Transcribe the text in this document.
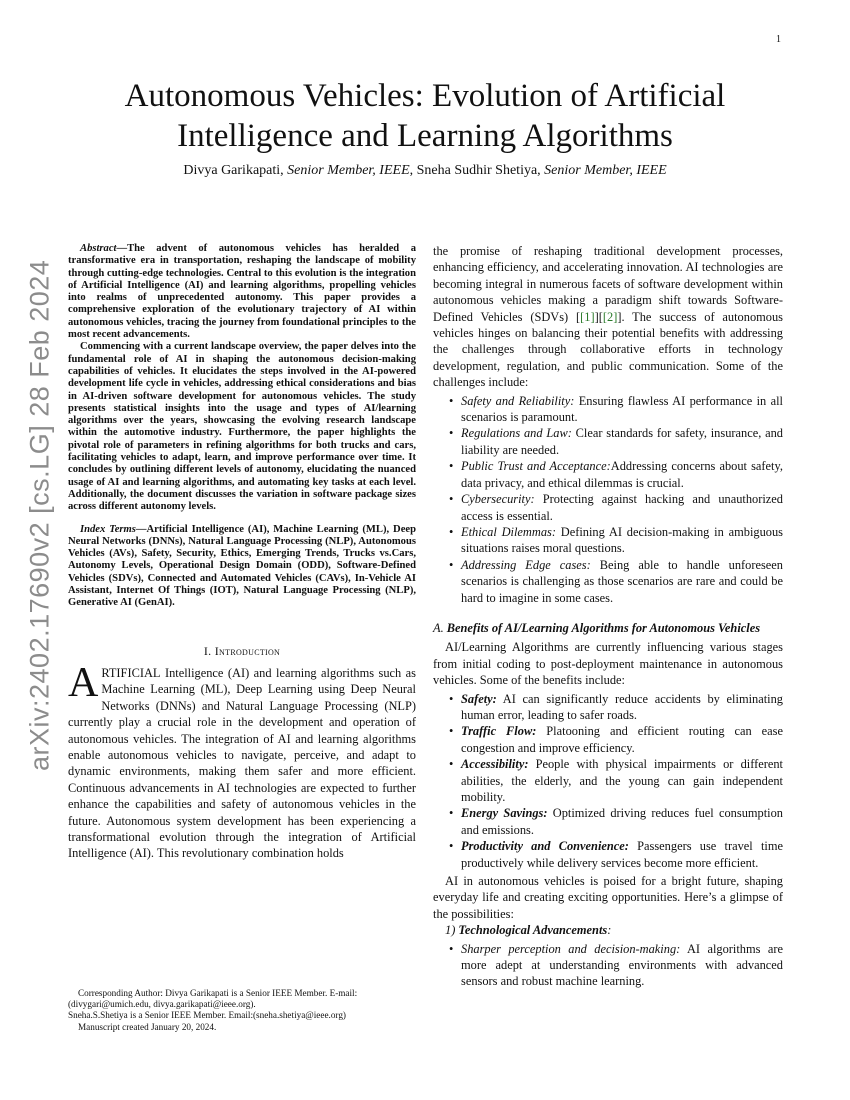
1
arXiv:2402.17690v2 [cs.LG] 28 Feb 2024
Autonomous Vehicles: Evolution of Artificial Intelligence and Learning Algorithms
Divya Garikapati, Senior Member, IEEE, Sneha Sudhir Shetiya, Senior Member, IEEE

Abstract—The advent of autonomous vehicles has heralded a transformative era in transportation, reshaping the landscape of mobility through cutting-edge technologies. Central to this evolution is the integration of Artificial Intelligence (AI) and learning algorithms, propelling vehicles into realms of unprecedented autonomy. This paper provides a comprehensive exploration of the evolutionary trajectory of AI within autonomous vehicles, tracing the journey from foundational principles to the most recent advancements.

Commencing with a current landscape overview, the paper delves into the fundamental role of AI in shaping the autonomous decision-making capabilities of vehicles. It elucidates the steps involved in the AI-powered development life cycle in vehicles, addressing ethical considerations and bias in AI-driven software development for autonomous vehicles. The study presents statistical insights into the usage and types of AI/learning algorithms over the years, showcasing the evolving research landscape within the automotive industry. Furthermore, the paper highlights the pivotal role of parameters in refining algorithms for both trucks and cars, facilitating vehicles to adapt, learn, and improve performance over time. It concludes by outlining different levels of autonomy, elucidating the nuanced usage of AI and learning algorithms, and automating key tasks at each level. Additionally, the document discusses the variation in software package sizes across different autonomy levels.

Index Terms—Artificial Intelligence (AI), Machine Learning (ML), Deep Neural Networks (DNNs), Natural Language Processing (NLP), Autonomous Vehicles (AVs), Safety, Security, Ethics, Emerging Trends, Trucks vs.Cars, Autonomy Levels, Operational Design Domain (ODD), Software-Defined Vehicles (SDVs), Connected and Automated Vehicles (CAVs), In-Vehicle AI Assistant, Internet Of Things (IOT), Natural Language Processing (NLP), Generative AI (GenAI).

I. Introduction

ARTIFICIAL Intelligence (AI) and learning algorithms such as Machine Learning (ML), Deep Learning using Deep Neural Networks (DNNs) and Natural Language Processing (NLP) currently play a crucial role in the development and operation of autonomous vehicles. The integration of AI and learning algorithms enable autonomous vehicles to navigate, perceive, and adapt to dynamic environments, making them safer and more efficient. Continuous advancements in AI technologies are expected to further enhance the capabilities and safety of autonomous vehicles in the future. Autonomous system development has been experiencing a transformational evolution through the integration of Artificial Intelligence (AI). This revolutionary combination holds

Corresponding Author: Divya Garikapati is a Senior IEEE Member. E-mail:(divygari@umich.edu, divya.garikapati@ieee.org).

Sneha.S.Shetiya is a Senior IEEE Member. Email:(sneha.shetiya@ieee.org)

Manuscript created January 20, 2024.

the promise of reshaping traditional development processes, enhancing efficiency, and accelerating innovation. AI technologies are becoming integral in numerous facets of software development within autonomous vehicles making a paradigm shift towards Software-Defined Vehicles (SDVs) [[1]][[2]]. The success of autonomous vehicles hinges on balancing their potential benefits with addressing the challenges through collaborative efforts in technology development, regulation, and public communication. Some of the challenges include:

• Safety and Reliability: Ensuring flawless AI performance in all scenarios is paramount.
• Regulations and Law: Clear standards for safety, insurance, and liability are needed.
• Public Trust and Acceptance:Addressing concerns about safety, data privacy, and ethical dilemmas is crucial.
• Cybersecurity: Protecting against hacking and unauthorized access is essential.
• Ethical Dilemmas: Defining AI decision-making in ambiguous situations raises moral questions.
• Addressing Edge cases: Being able to handle unforeseen scenarios is challenging as those scenarios are rare and could be hard to imagine in some cases.

A. Benefits of AI/Learning Algorithms for Autonomous Vehicles

AI/Learning Algorithms are currently influencing various stages from initial coding to post-deployment maintenance in autonomous vehicles. Some of the benefits include:

• Safety: AI can significantly reduce accidents by eliminating human error, leading to safer roads.
• Traffic Flow: Platooning and efficient routing can ease congestion and improve efficiency.
• Accessibility: People with physical impairments or different abilities, the elderly, and the young can gain independent mobility.
• Energy Savings: Optimized driving reduces fuel consumption and emissions.
• Productivity and Convenience: Passengers use travel time productively while delivery services become more efficient.

AI in autonomous vehicles is poised for a bright future, shaping everyday life and creating exciting opportunities. Here’s a glimpse of the possibilities:

1) Technological Advancements:

• Sharper perception and decision-making: AI algorithms are more adept at understanding environments with advanced sensors and robust machine learning.
